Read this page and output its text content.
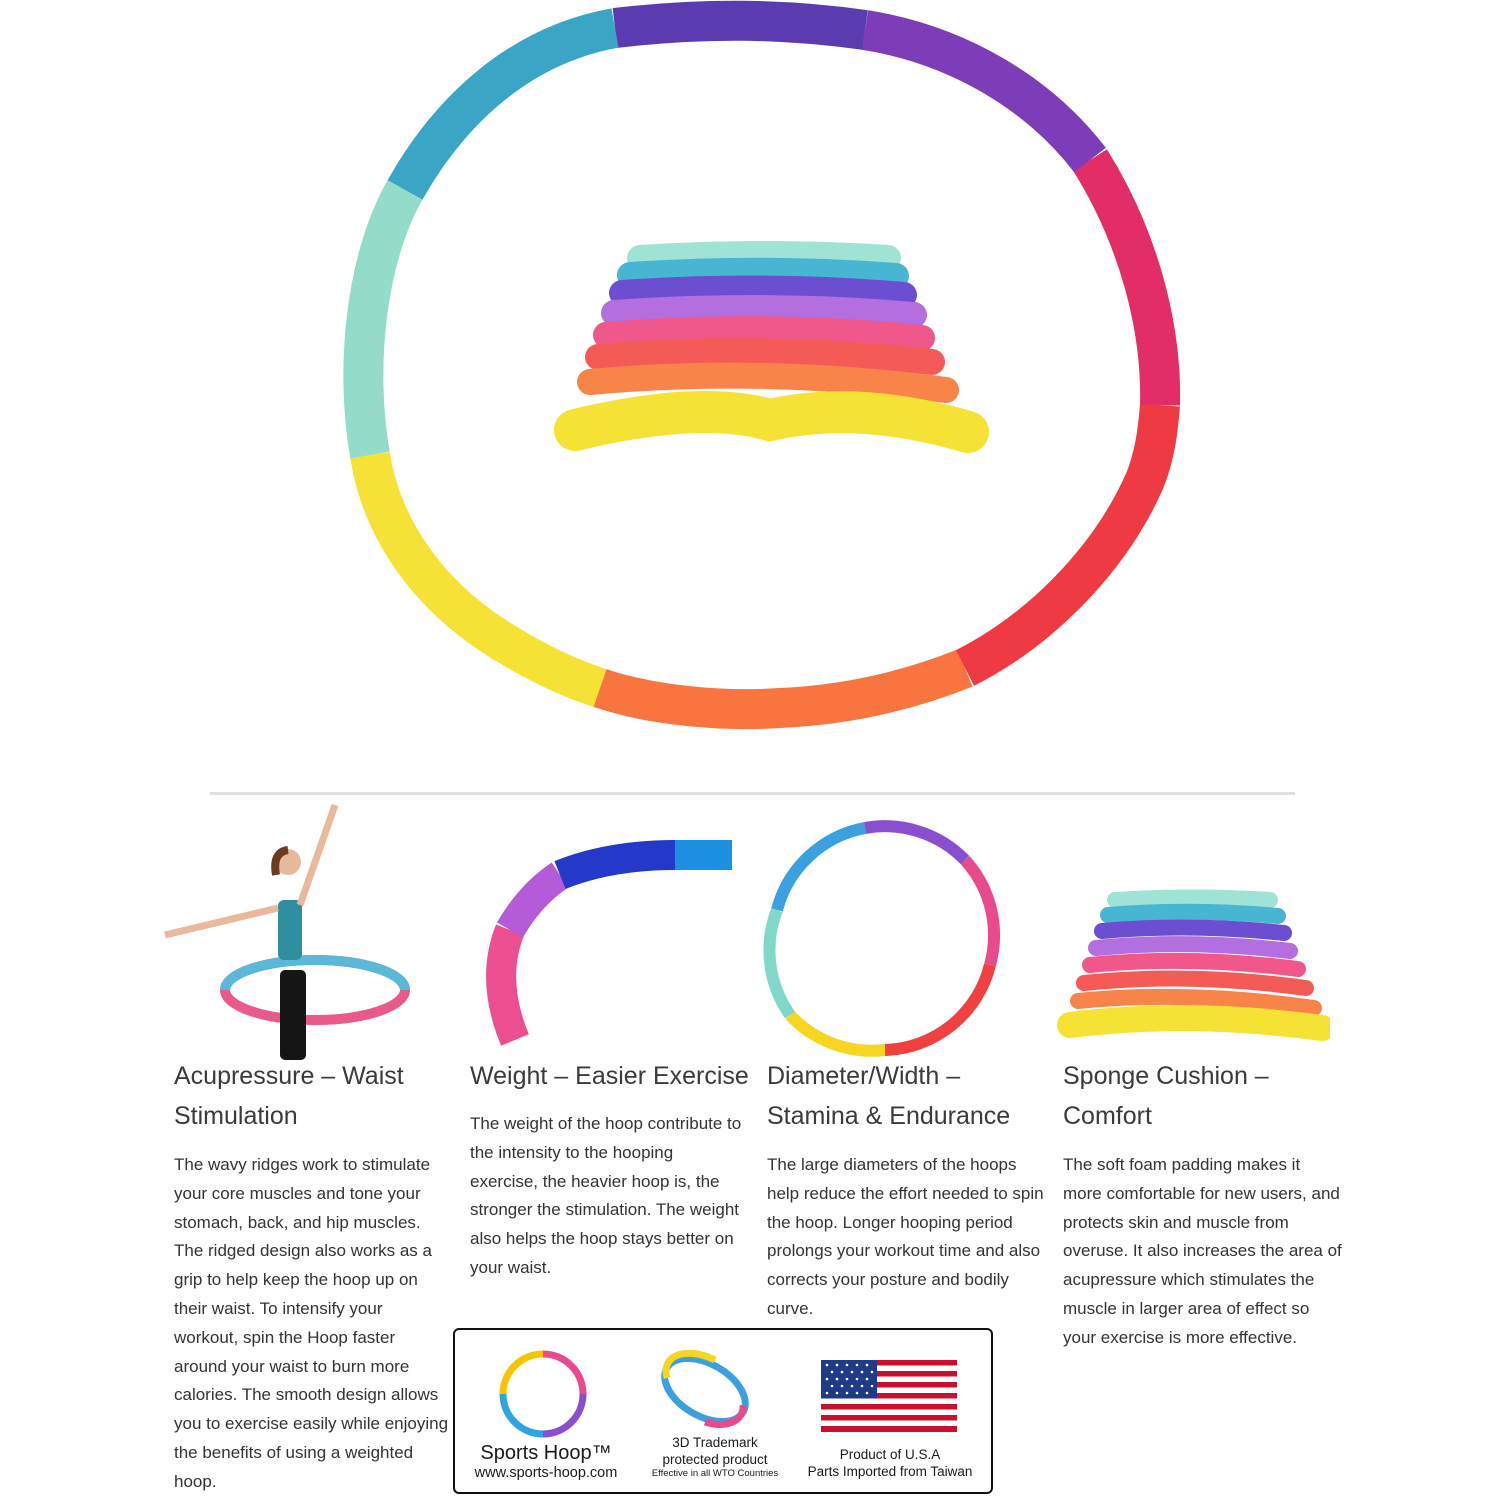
Acupressure – Waist Stimulation

The wavy ridges work to stimulate your core muscles and tone your stomach, back, and hip muscles. The ridged design also works as a grip to help keep the hoop up on their waist. To intensify your workout, spin the Hoop faster around your waist to burn more calories. The smooth design allows you to exercise easily while enjoying the benefits of using a weighted hoop.

Weight – Easier Exercise

The weight of the hoop contribute to the intensity to the hooping exercise, the heavier hoop is, the stronger the stimulation. The weight also helps the hoop stays better on your waist.

Diameter/Width – Stamina & Endurance

The large diameters of the hoops help reduce the effort needed to spin the hoop. Longer hooping period prolongs your workout time and also corrects your posture and bodily curve.

Sponge Cushion – Comfort

The soft foam padding makes it more comfortable for new users, and protects skin and muscle from overuse. It also increases the area of acupressure which stimulates the muscle in larger area of effect so your exercise is more effective.

Sports Hoop™
www.sports-hoop.com
3D Trademark
protected product
Effective in all WTO Countries
Product of U.S.A
Parts Imported from Taiwan
